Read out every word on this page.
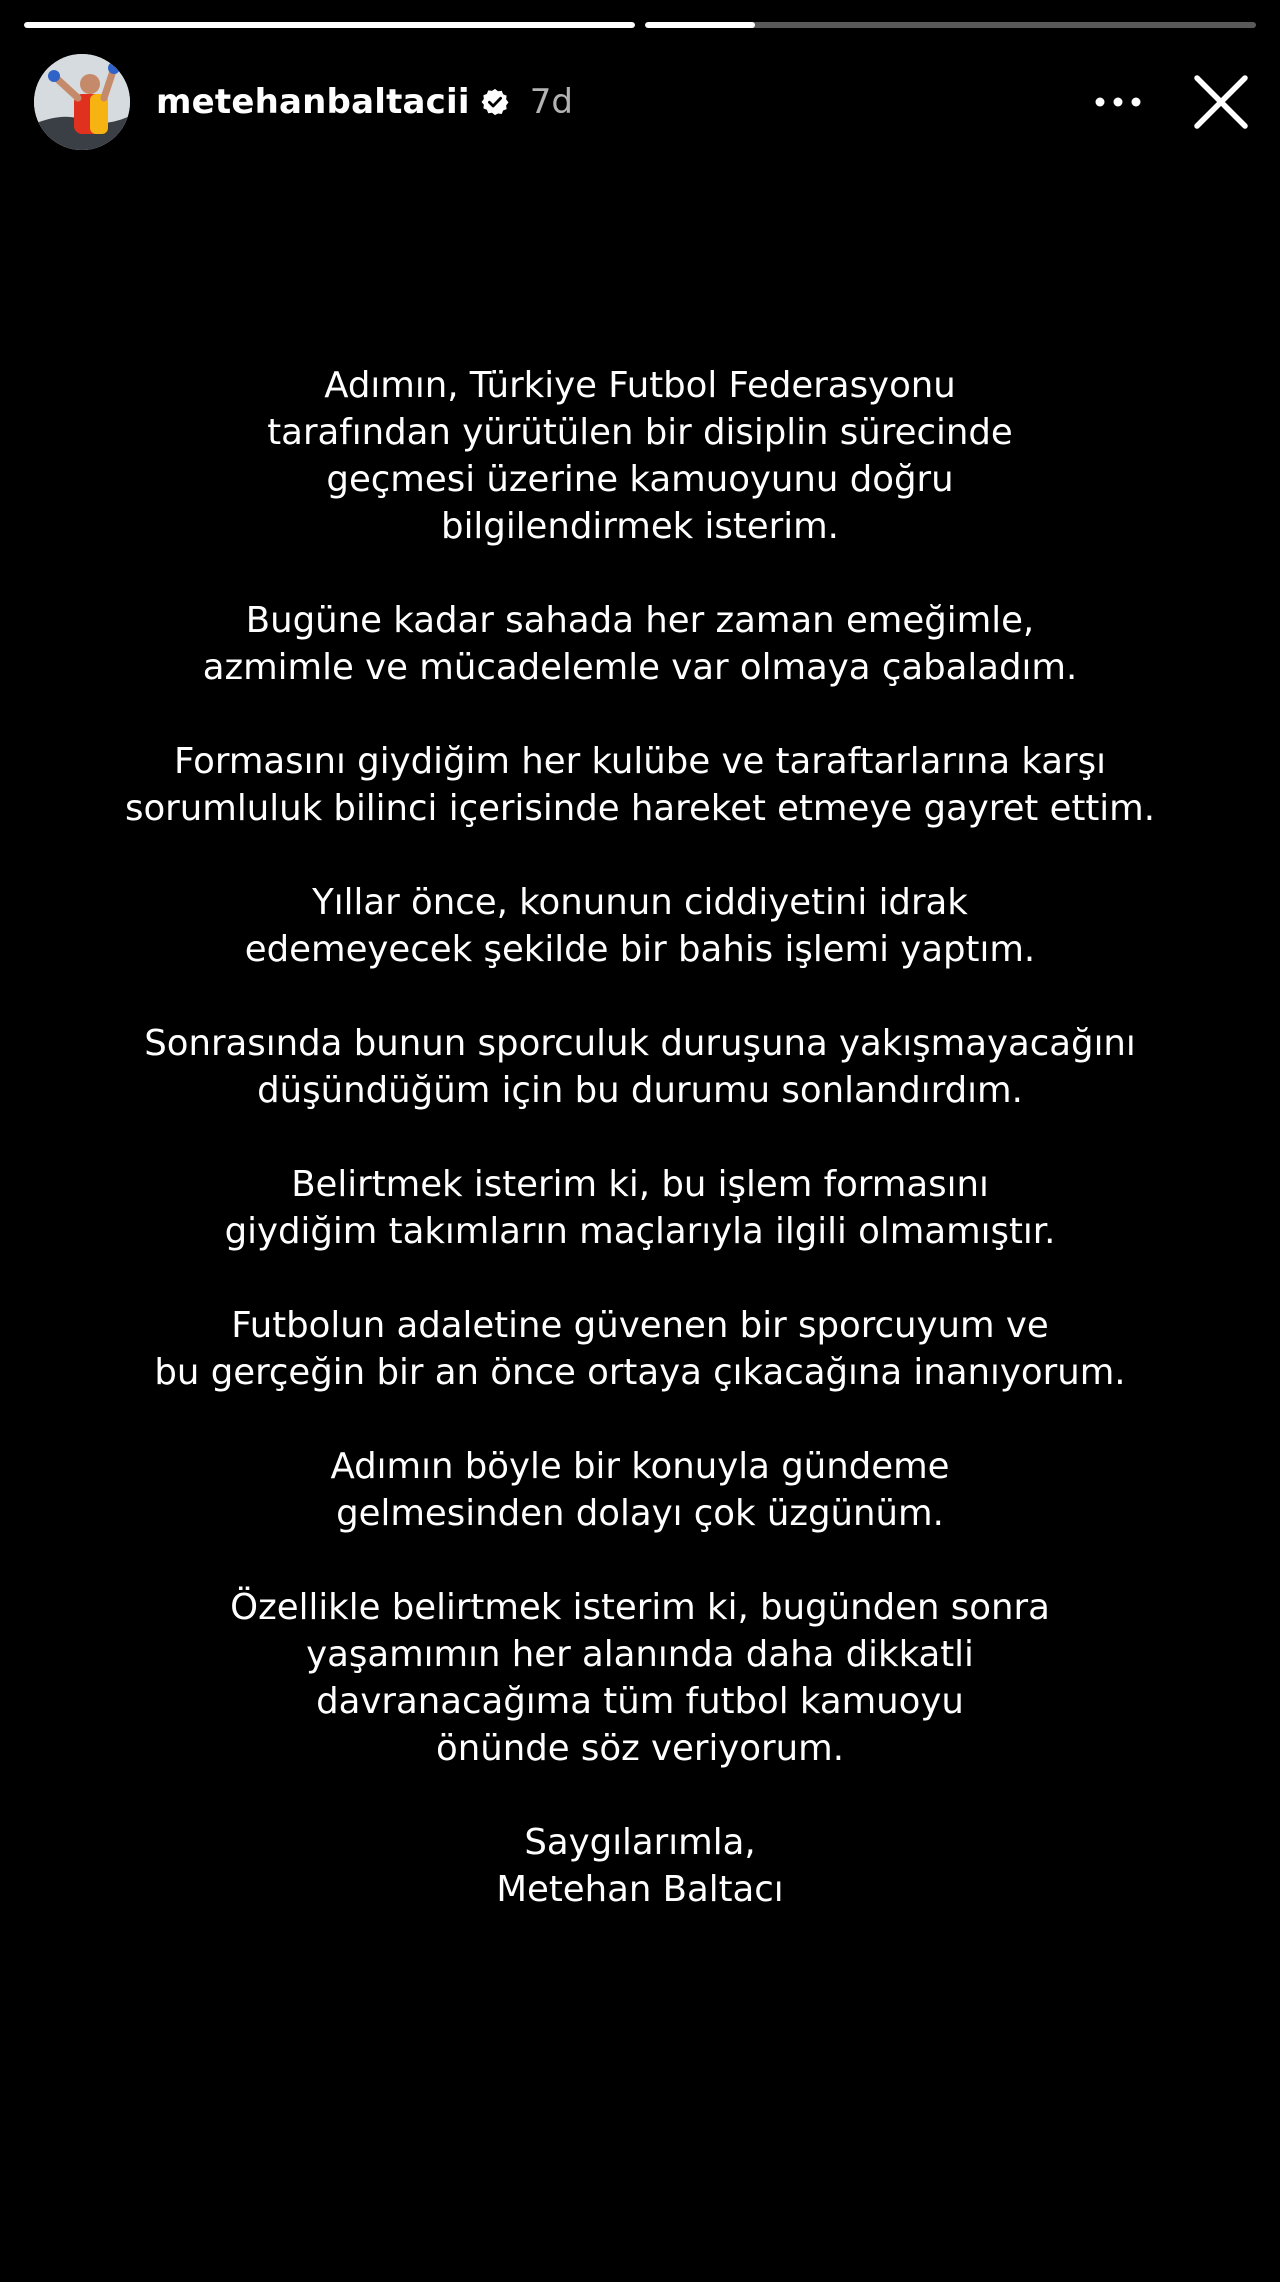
metehanbaltacii 7d
Adımın, Türkiye Futbol Federasyonu
tarafından yürütülen bir disiplin sürecinde
geçmesi üzerine kamuoyunu doğru
bilgilendirmek isterim.
Bugüne kadar sahada her zaman emeğimle,
azmimle ve mücadelemle var olmaya çabaladım.
Formasını giydiğim her kulübe ve taraftarlarına karşı
sorumluluk bilinci içerisinde hareket etmeye gayret ettim.
Yıllar önce, konunun ciddiyetini idrak
edemeyecek şekilde bir bahis işlemi yaptım.
Sonrasında bunun sporculuk duruşuna yakışmayacağını
düşündüğüm için bu durumu sonlandırdım.
Belirtmek isterim ki, bu işlem formasını
giydiğim takımların maçlarıyla ilgili olmamıştır.
Futbolun adaletine güvenen bir sporcuyum ve
bu gerçeğin bir an önce ortaya çıkacağına inanıyorum.
Adımın böyle bir konuyla gündeme
gelmesinden dolayı çok üzgünüm.
Özellikle belirtmek isterim ki, bugünden sonra
yaşamımın her alanında daha dikkatli
davranacağıma tüm futbol kamuoyu
önünde söz veriyorum.
Saygılarımla,
Metehan Baltacı
